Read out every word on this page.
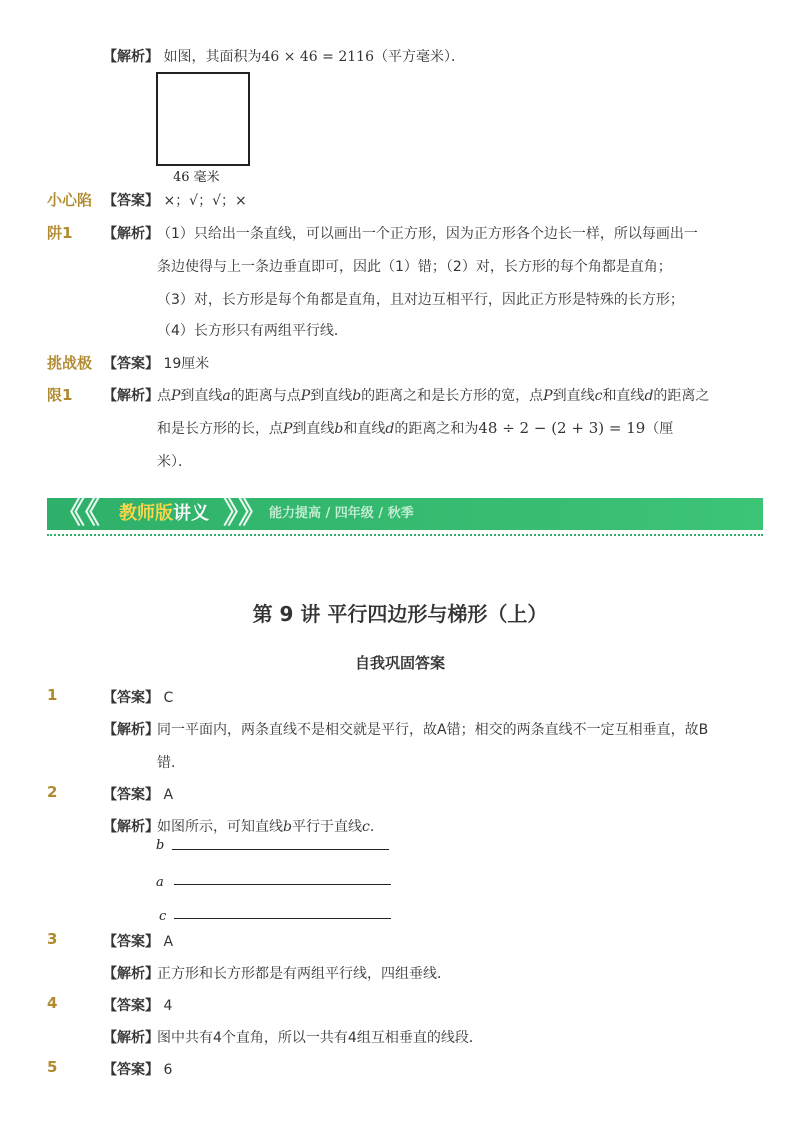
【解析】 如图，其面积为46 × 46 = 2116（平方毫米）．
46 毫米
小心陷
阱1
【答案】 ×；√；√；×
【解析】
（1）只给出一条直线，可以画出一个正方形，因为正方形各个边长一样，所以每画出一
条边使得与上一条边垂直即可，因此（1）错；（2）对，长方形的每个角都是直角；
（3）对，长方形是每个角都是直角，且对边互相平行，因此正方形是特殊的长方形；
（4）长方形只有两组平行线．
挑战极
限1
【答案】 19厘米
【解析】
点P到直线a的距离与点P到直线b的距离之和是长方形的宽，点P到直线c和直线d的距离之
和是长方形的长，点P到直线b和直线d的距离之和为48 ÷ 2 − (2 + 3) = 19（厘
米）．
《《 教师版讲义 》》 能力提高 / 四年级 / 秋季
第 9 讲 平行四边形与梯形（上）
自我巩固答案
1	【答案】 C
【解析】
同一平面内，两条直线不是相交就是平行，故A错；相交的两条直线不一定互相垂直，故B
错．
2	【答案】 A
【解析】
如图所示，可知直线b平行于直线c．
b
a
c
3	【答案】 A
【解析】
正方形和长方形都是有两组平行线，四组垂线．
4	【答案】 4
【解析】
图中共有4个直角，所以一共有4组互相垂直的线段．
5	【答案】 6
